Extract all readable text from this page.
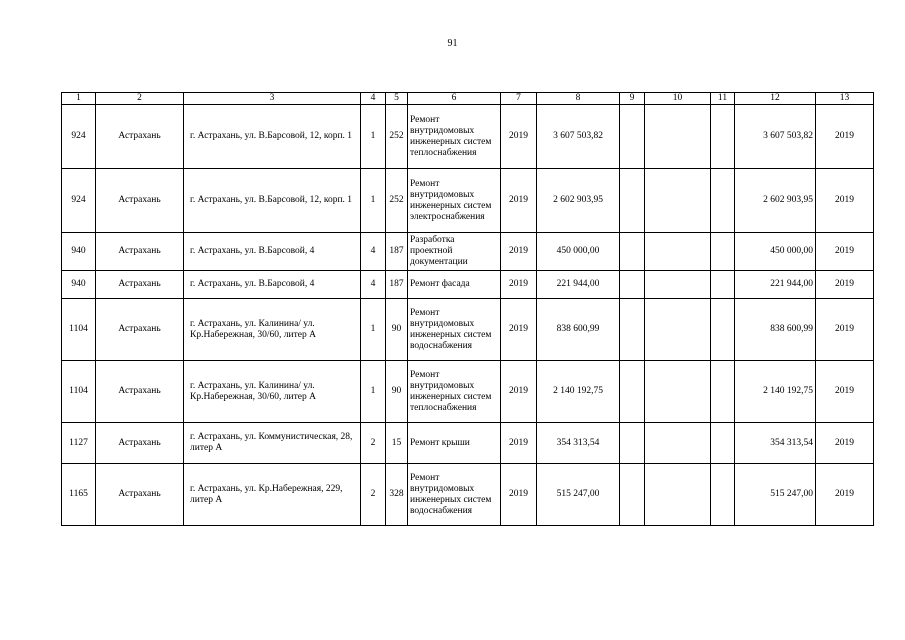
91
1	2	3	4	5	6	7	8	9	10	11	12	13
924	Астрахань	г. Астрахань, ул. В.Барсовой, 12, корп. 1	1	252	Ремонт внутридомовых инженерных систем теплоснабжения	2019	3 607 503,82				3 607 503,82	2019
924	Астрахань	г. Астрахань, ул. В.Барсовой, 12, корп. 1	1	252	Ремонт внутридомовых инженерных систем электроснабжения	2019	2 602 903,95				2 602 903,95	2019
940	Астрахань	г. Астрахань, ул. В.Барсовой, 4	4	187	Разработка проектной документации	2019	450 000,00				450 000,00	2019
940	Астрахань	г. Астрахань, ул. В.Барсовой, 4	4	187	Ремонт фасада	2019	221 944,00				221 944,00	2019
1104	Астрахань	г. Астрахань, ул. Калинина/ ул. Кр.Набережная, 30/60, литер А	1	90	Ремонт внутридомовых инженерных систем водоснабжения	2019	838 600,99				838 600,99	2019
1104	Астрахань	г. Астрахань, ул. Калинина/ ул. Кр.Набережная, 30/60, литер А	1	90	Ремонт внутридомовых инженерных систем теплоснабжения	2019	2 140 192,75				2 140 192,75	2019
1127	Астрахань	г. Астрахань, ул. Коммунистическая, 28, литер А	2	15	Ремонт крыши	2019	354 313,54				354 313,54	2019
1165	Астрахань	г. Астрахань, ул. Кр.Набережная, 229, литер А	2	328	Ремонт внутридомовых инженерных систем водоснабжения	2019	515 247,00				515 247,00	2019
